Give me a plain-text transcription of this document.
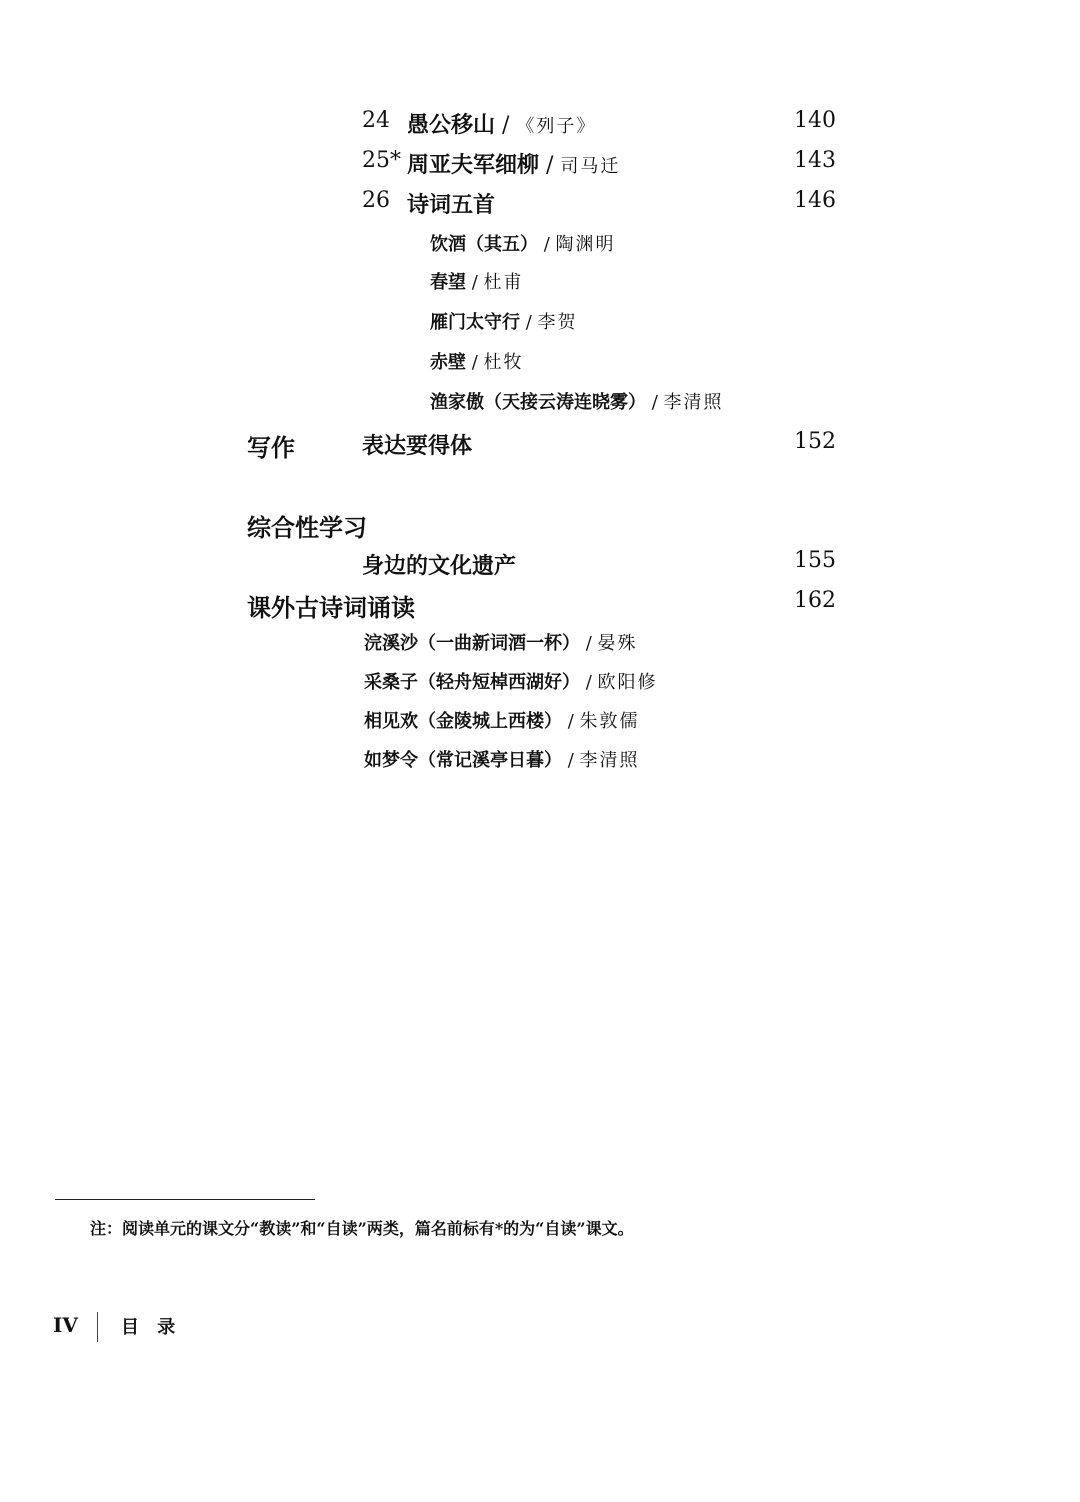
24 愚公移山 / 《列子》	140
25* 周亚夫军细柳 / 司马迁	143
26 诗词五首	146
饮酒（其五） / 陶渊明
春望 / 杜甫
雁门太守行 / 李贺
赤壁 / 杜牧
渔家傲（天接云涛连晓雾） / 李清照
写作	表达要得体	152
综合性学习
身边的文化遗产	155
课外古诗词诵读	162
浣溪沙（一曲新词酒一杯） / 晏殊
采桑子（轻舟短棹西湖好） / 欧阳修
相见欢（金陵城上西楼） / 朱敦儒
如梦令（常记溪亭日暮） / 李清照
注：阅读单元的课文分“教读”和“自读”两类，篇名前标有*的为“自读”课文。
IV 目 录
